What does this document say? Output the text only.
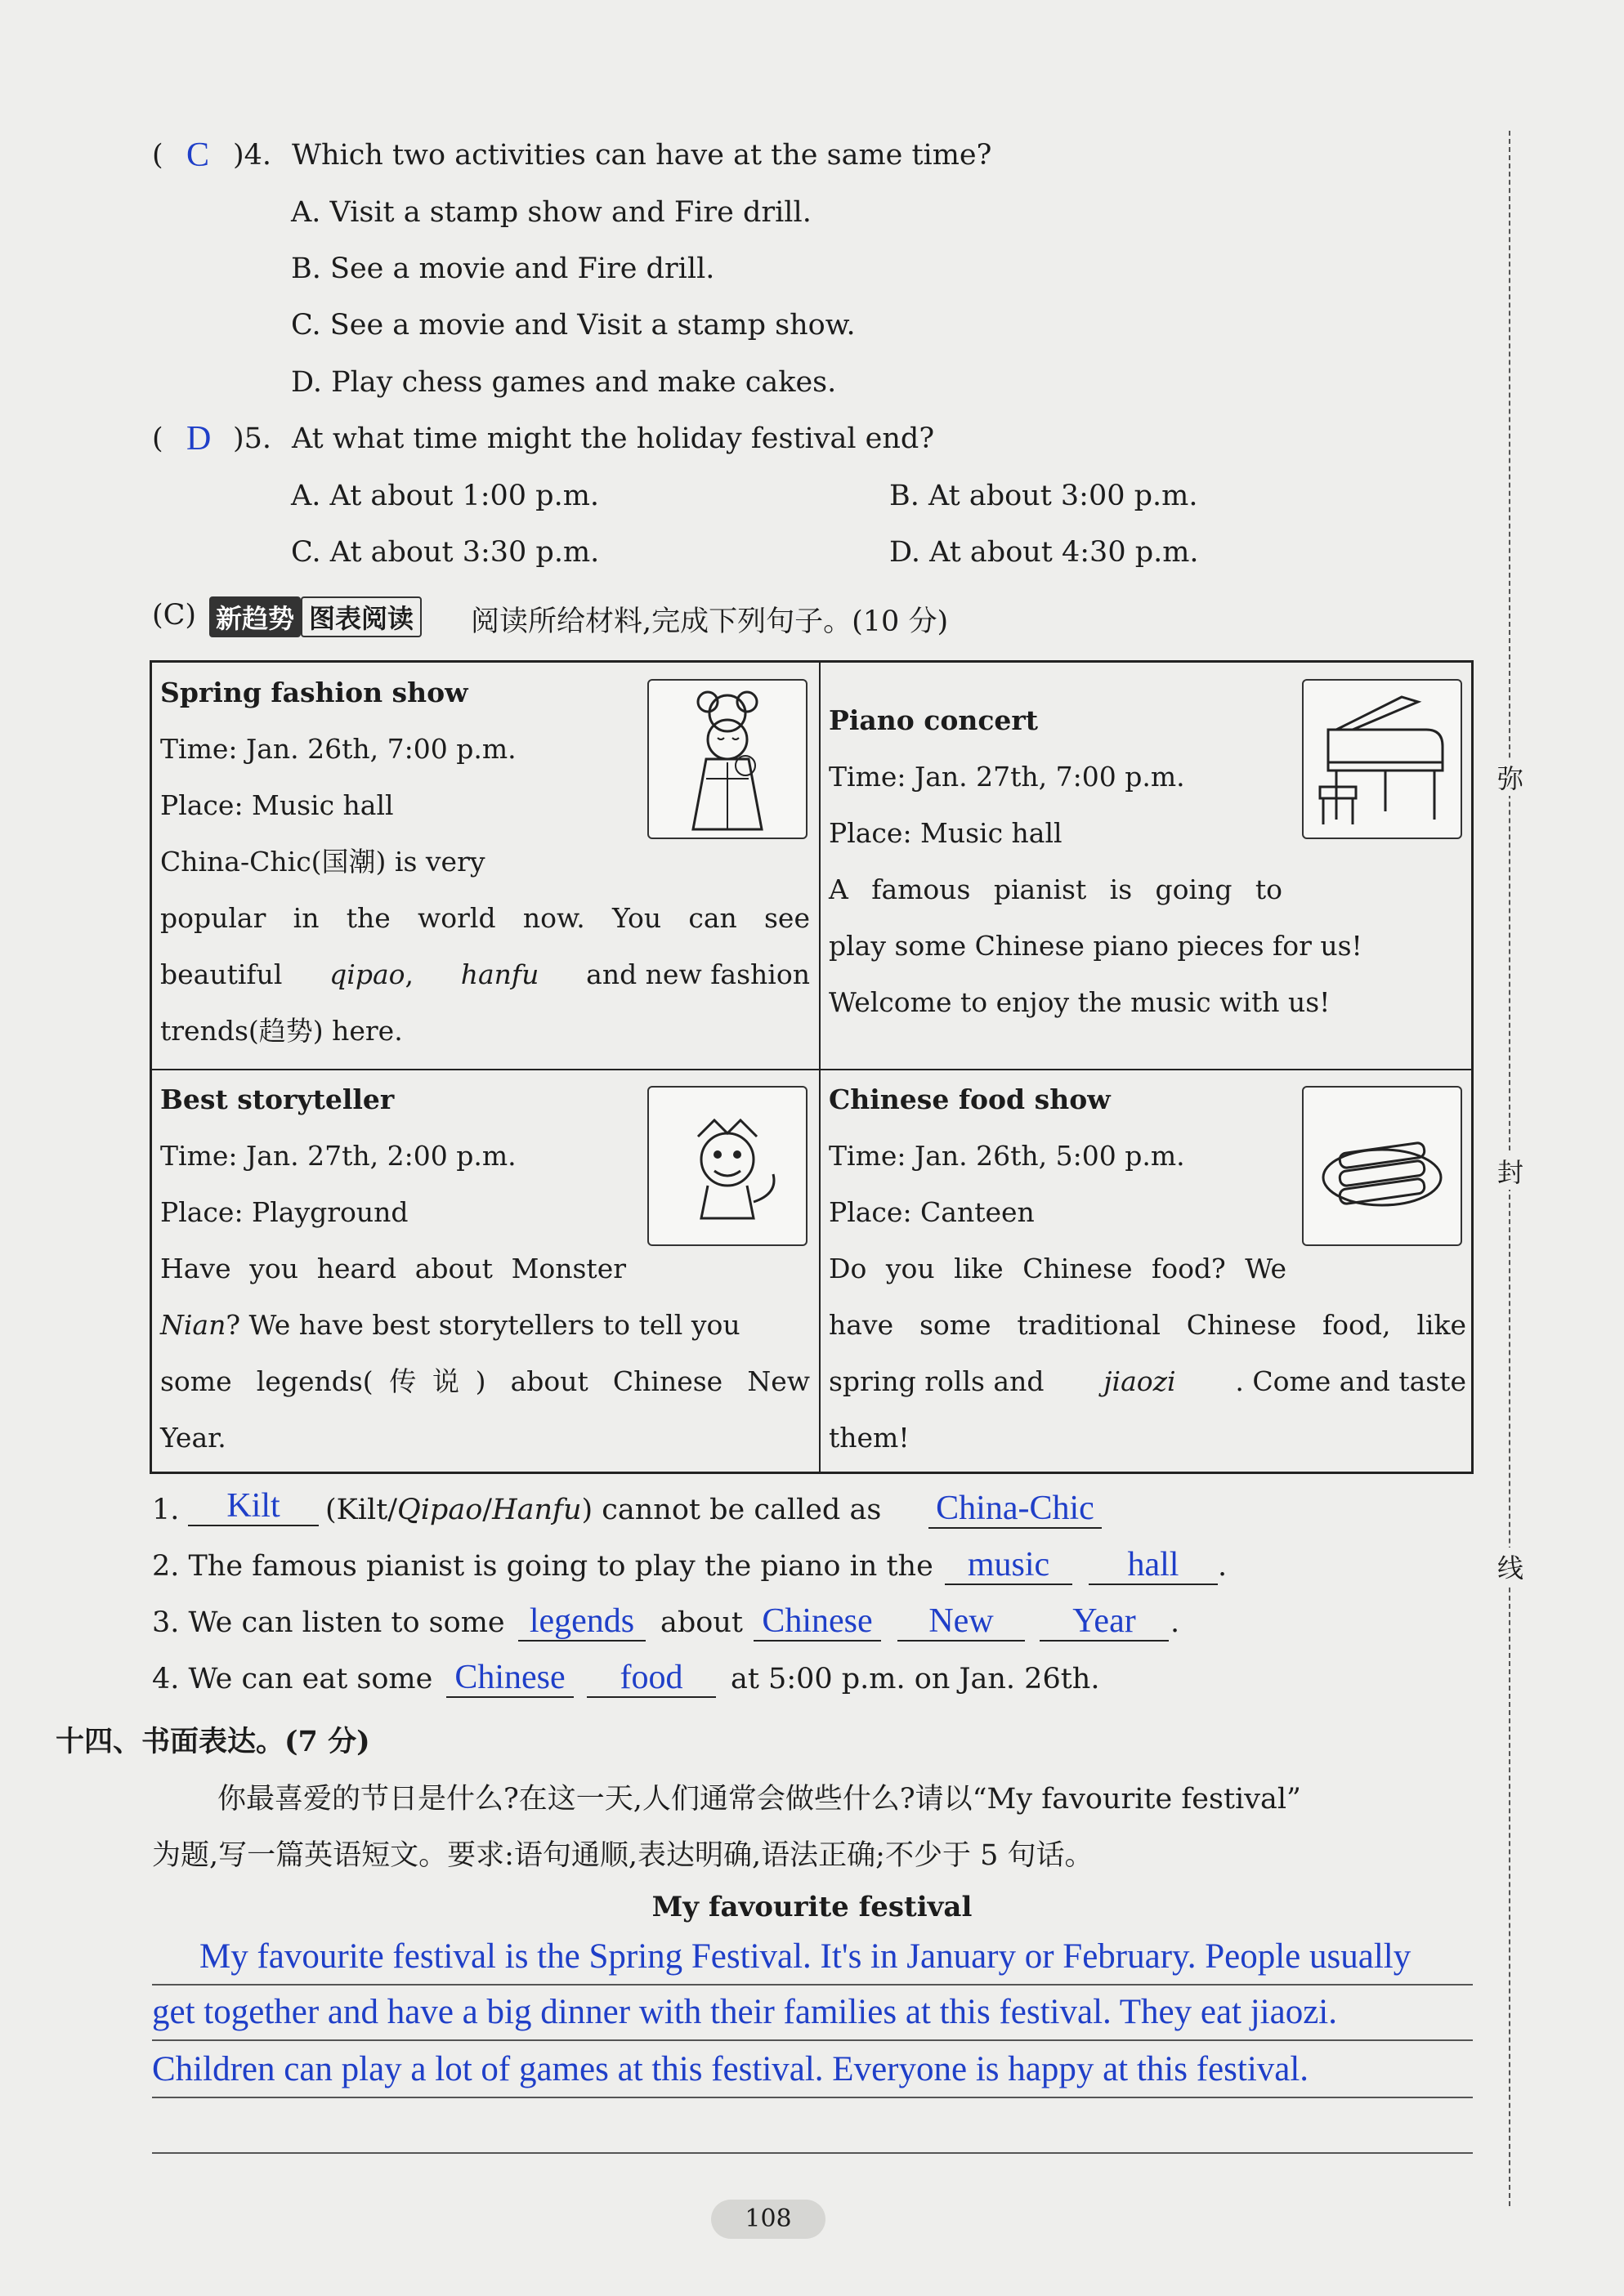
( C )4. Which two activities can have at the same time?
A. Visit a stamp show and Fire drill.
B. See a movie and Fire drill.
C. See a movie and Visit a stamp show.
D. Play chess games and make cakes.
( D )5. At what time might the holiday festival end?
A. At about 1:00 p.m.	B. At about 3:00 p.m.
C. At about 3:30 p.m.	D. At about 4:30 p.m.
(C) 新趋势 图表阅读 阅读所给材料,完成下列句子。(10 分)
Spring fashion show
Time: Jan. 26th, 7:00 p.m.
Place: Music hall
China-Chic(国潮) is very
popular in the world now. You can see
beautiful qipao, hanfu and new fashion
trends(趋势) here.
Piano concert
Time: Jan. 27th, 7:00 p.m.
Place: Music hall
A famous pianist is going to
play some Chinese piano pieces for us!
Welcome to enjoy the music with us!
Best storyteller
Time: Jan. 27th, 2:00 p.m.
Place: Playground
Have you heard about Monster
Nian? We have best storytellers to tell you
some legends(传说) about Chinese New
Year.
Chinese food show
Time: Jan. 26th, 5:00 p.m.
Place: Canteen
Do you like Chinese food? We
have some traditional Chinese food, like
spring rolls and jiaozi . Come and taste
them!
1.	Kilt	(Kilt/Qipao/Hanfu) cannot be called as China-Chic
2. The famous pianist is going to play the piano in the	music	hall	.
3. We can listen to some legends about Chinese	New	Year	.
4. We can eat some Chinese	food	at 5:00 p.m. on Jan. 26th.
十四、书面表达。(7 分)
你最喜爱的节日是什么?在这一天,人们通常会做些什么?请以“My favourite festival”
为题,写一篇英语短文。要求:语句通顺,表达明确,语法正确;不少于 5 句话。
My favourite festival
My favourite festival is the Spring Festival. It's in January or February. People usually
get together and have a big dinner with their families at this festival. They eat jiaozi.
Children can play a lot of games at this festival. Everyone is happy at this festival.
108
弥
封
线
